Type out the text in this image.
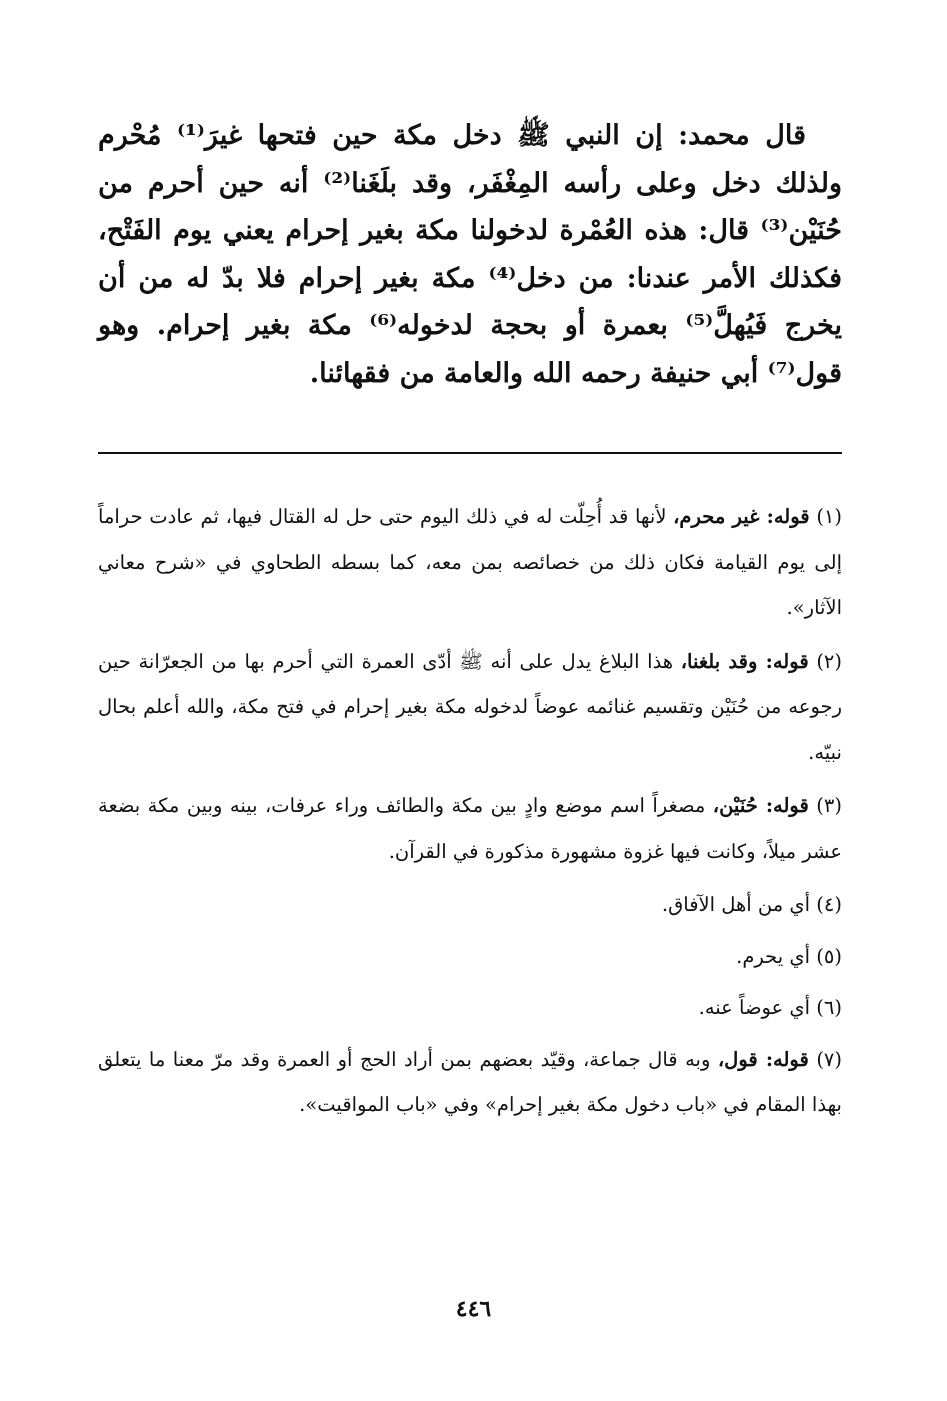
قال محمد: إن النبي ﷺ دخل مكة حين فتحها غيرَ⁽¹⁾ مُحْرم ولذلك دخل وعلى رأسه المِغْفَر، وقد بلَغَنا⁽²⁾ أنه حين أحرم من حُنَيْن⁽³⁾ قال: هذه العُمْرة لدخولنا مكة بغير إحرام يعني يوم الفَتْح، فكذلك الأمر عندنا: من دخل⁽⁴⁾ مكة بغير إحرام فلا بدّ له من أن يخرج فَيُهلَّ⁽⁵⁾ بعمرة أو بحجة لدخوله⁽⁶⁾ مكة بغير إحرام. وهو قول⁽⁷⁾ أبي حنيفة رحمه الله والعامة من فقهائنا.

(١) قوله: غير محرم، لأنها قد أُحِلّت له في ذلك اليوم حتى حل له القتال فيها، ثم عادت حراماً إلى يوم القيامة فكان ذلك من خصائصه بمن معه، كما بسطه الطحاوي في «شرح معاني الآثار».

(٢) قوله: وقد بلغنا، هذا البلاغ يدل على أنه ﷺ أدّى العمرة التي أحرم بها من الجعرّانة حين رجوعه من حُنَيْن وتقسيم غنائمه عوضاً لدخوله مكة بغير إحرام في فتح مكة، والله أعلم بحال نبيّه.

(٣) قوله: حُنَيْن، مصغراً اسم موضع وادٍ بين مكة والطائف وراء عرفات، بينه وبين مكة بضعة عشر ميلاً، وكانت فيها غزوة مشهورة مذكورة في القرآن.

(٤) أي من أهل الآفاق.

(٥) أي يحرم.

(٦) أي عوضاً عنه.

(٧) قوله: قول، وبه قال جماعة، وقيّد بعضهم بمن أراد الحج أو العمرة وقد مرّ معنا ما يتعلق بهذا المقام في «باب دخول مكة بغير إحرام» وفي «باب المواقيت».

٤٤٦
